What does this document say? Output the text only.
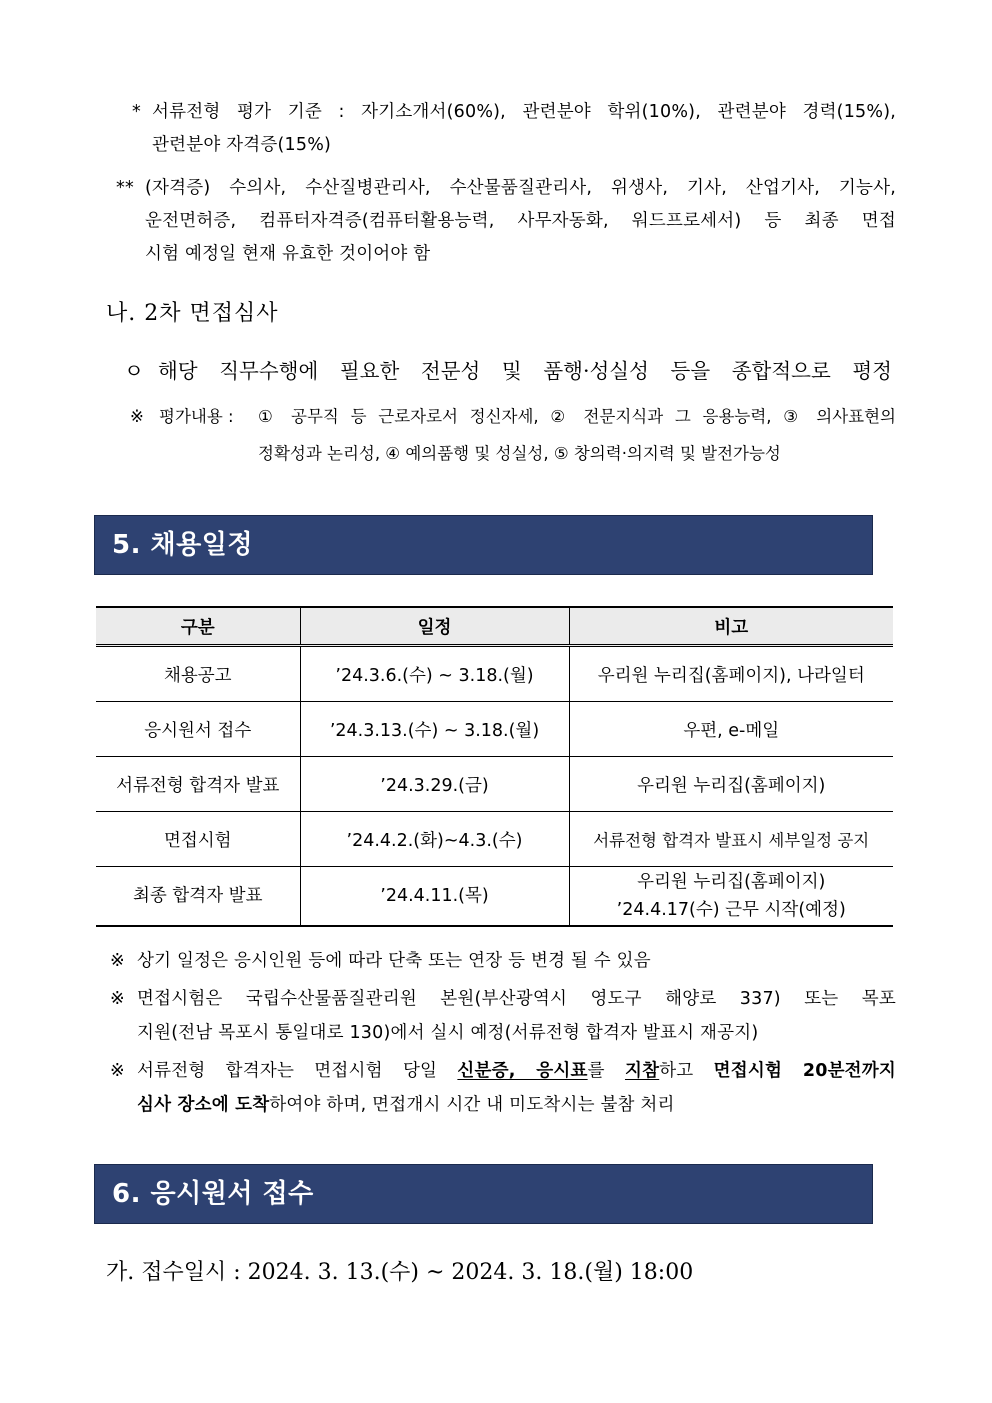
* 서류전형 평가 기준 : 자기소개서(60%), 관련분야 학위(10%), 관련분야 경력(15%),
관련분야 자격증(15%)
** (자격증) 수의사, 수산질병관리사, 수산물품질관리사, 위생사, 기사, 산업기사, 기능사,
운전면허증, 컴퓨터자격증(컴퓨터활용능력, 사무자동화, 워드프로세서) 등 최종 면접
시험 예정일 현재 유효한 것이어야 함
나. 2차 면접심사
ㅇ 해당 직무수행에 필요한 전문성 및 품행·성실성 등을 종합적으로 평정
※ 평가내용 : ① 공무직 등 근로자로서 정신자세, ② 전문지식과 그 응용능력, ③ 의사표현의
정확성과 논리성, ④ 예의품행 및 성실성, ⑤ 창의력·의지력 및 발전가능성
5. 채용일정
구분	일정	비고
채용공고	’24.3.6.(수) ~ 3.18.(월)	우리원 누리집(홈페이지), 나라일터
응시원서 접수	’24.3.13.(수) ~ 3.18.(월)	우편, e-메일
서류전형 합격자 발표	’24.3.29.(금)	우리원 누리집(홈페이지)
면접시험	’24.4.2.(화)~4.3.(수)	서류전형 합격자 발표시 세부일정 공지
최종 합격자 발표	’24.4.11.(목)	우리원 누리집(홈페이지)
’24.4.17(수) 근무 시작(예정)
※ 상기 일정은 응시인원 등에 따라 단축 또는 연장 등 변경 될 수 있음
※ 면접시험은 국립수산물품질관리원 본원(부산광역시 영도구 해양로 337) 또는 목포
지원(전남 목포시 통일대로 130)에서 실시 예정(서류전형 합격자 발표시 재공지)
※ 서류전형 합격자는 면접시험 당일 신분증, 응시표를 지참하고 면접시험 20분전까지
심사 장소에 도착하여야 하며, 면접개시 시간 내 미도착시는 불참 처리
6. 응시원서 접수
가. 접수일시 : 2024. 3. 13.(수) ~ 2024. 3. 18.(월) 18:00
